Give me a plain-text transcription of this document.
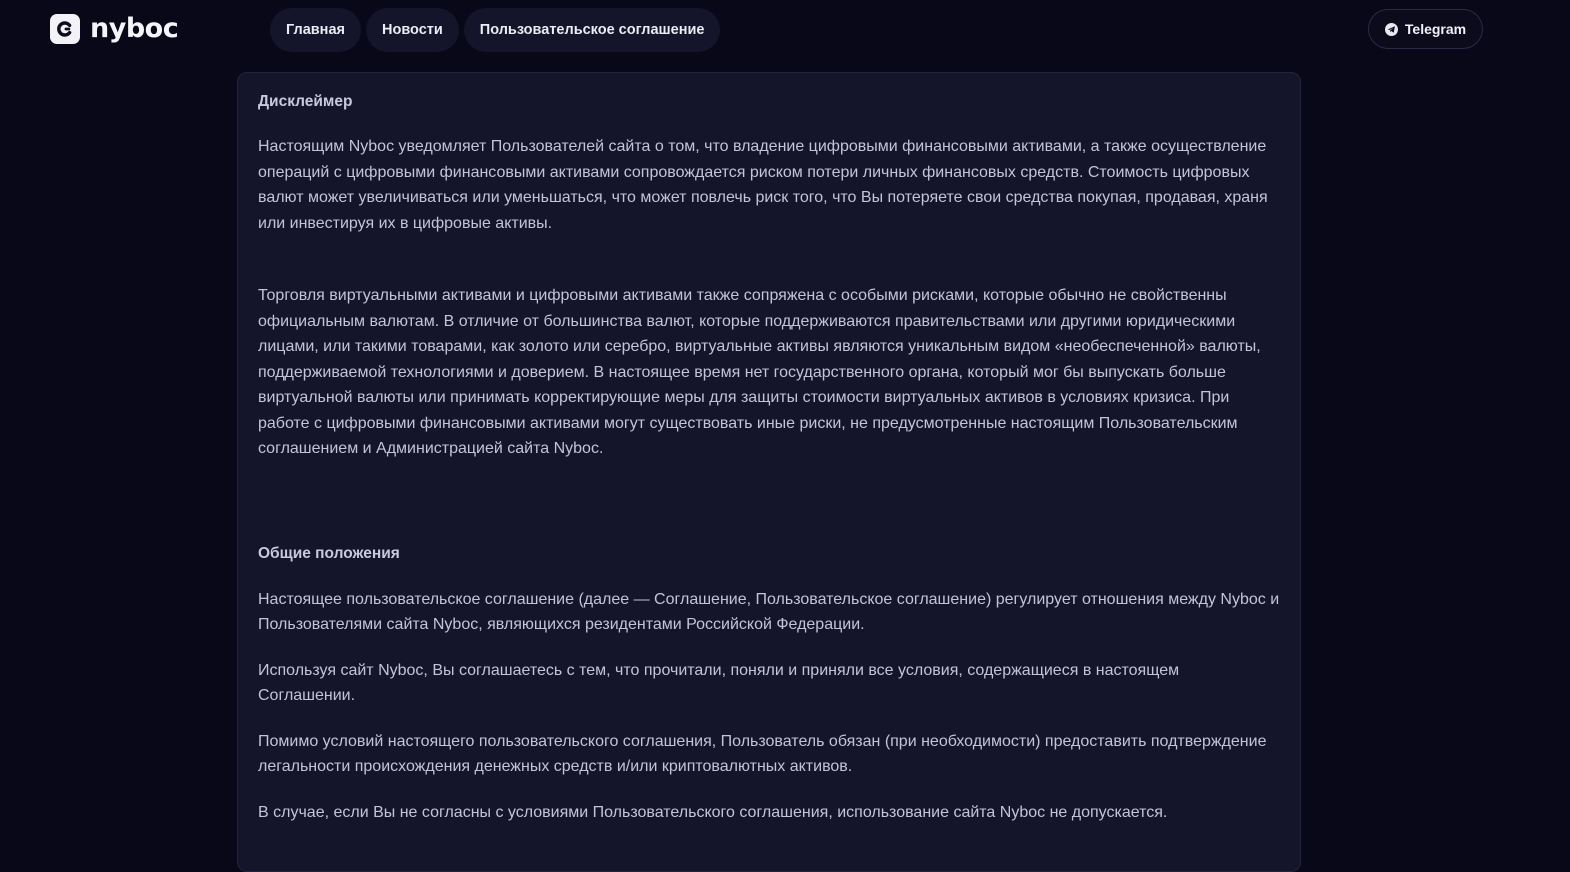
nyboc	Главная	Новости	Пользовательское соглашение	Telegram
Дисклеймер

Настоящим Nyboc уведомляет Пользователей сайта о том, что владение цифровыми финансовыми активами, а также осуществление операций с цифровыми финансовыми активами сопровождается риском потери личных финансовых средств. Стоимость цифровых валют может увеличиваться или уменьшаться, что может повлечь риск того, что Вы потеряете свои средства покупая, продавая, храня или инвестируя их в цифровые активы.

Торговля виртуальными активами и цифровыми активами также сопряжена с особыми рисками, которые обычно не свойственны официальным валютам. В отличие от большинства валют, которые поддерживаются правительствами или другими юридическими лицами, или такими товарами, как золото или серебро, виртуальные активы являются уникальным видом «необеспеченной» валюты, поддерживаемой технологиями и доверием. В настоящее время нет государственного органа, который мог бы выпускать больше виртуальной валюты или принимать корректирующие меры для защиты стоимости виртуальных активов в условиях кризиса. При работе с цифровыми финансовыми активами могут существовать иные риски, не предусмотренные настоящим Пользовательским соглашением и Администрацией сайта Nyboc.

Общие положения

Настоящее пользовательское соглашение (далее — Соглашение, Пользовательское соглашение) регулирует отношения между Nyboc и Пользователями сайта Nyboc, являющихся резидентами Российской Федерации.

Используя сайт Nyboc, Вы соглашаетесь с тем, что прочитали, поняли и приняли все условия, содержащиеся в настоящем Соглашении.

Помимо условий настоящего пользовательского соглашения, Пользователь обязан (при необходимости) предоставить подтверждение легальности происхождения денежных средств и/или криптовалютных активов.

В случае, если Вы не согласны с условиями Пользовательского соглашения, использование сайта Nyboc не допускается.
